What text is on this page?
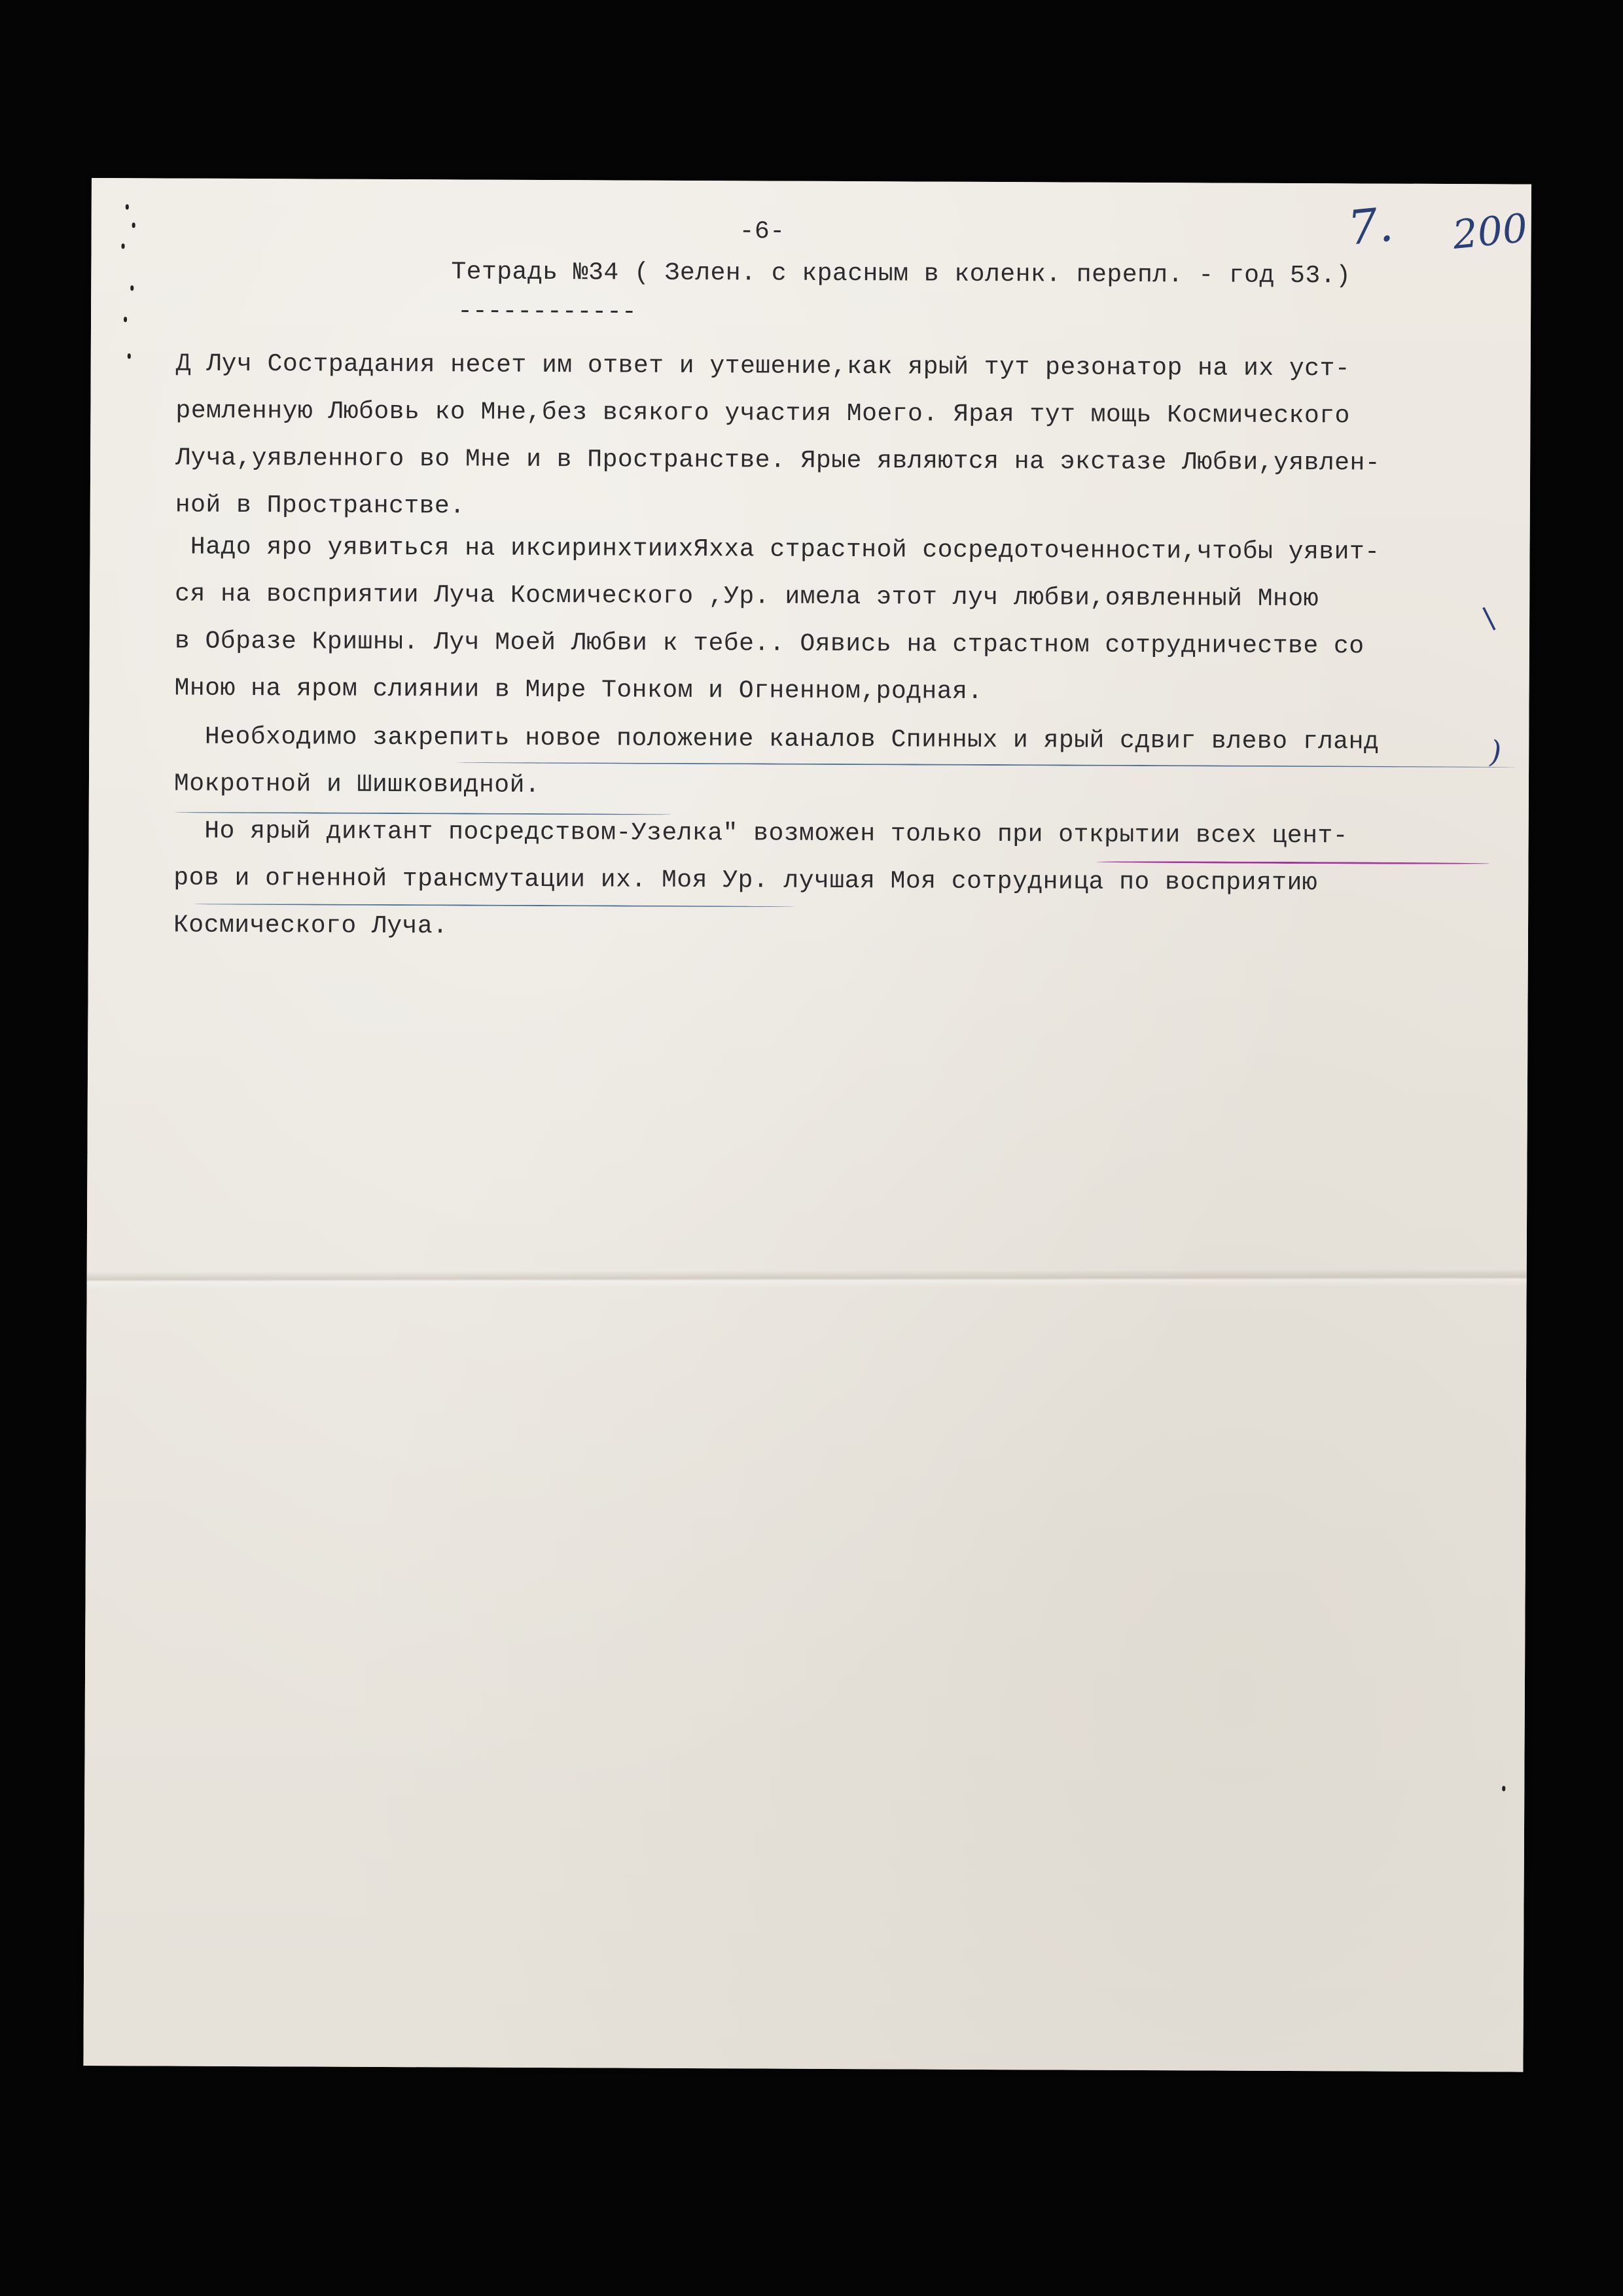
-6-	7. 200
Тетрадь №34 ( Зелен. с красным в коленк. перепл. - год 53.)
------------
Д Луч Сострадания несет им ответ и утешение,как ярый тут резонатор на их уст-
ремленную Любовь ко Мне,без всякого участия Моего. Ярая тут мощь Космического
Луча,уявленного во Мне и в Пространстве. Ярые являются на экстазе Любви,уявлен-
ной в Пространстве.
Надо яро уявиться на иксиринхтиихЯхха страстной сосредоточенности,чтобы уявит-
ся на восприятии Луча Космического ,Ур. имела этот луч любви,оявленный Мною
в Образе Кришны. Луч Моей Любви к тебе.. Оявись на страстном сотрудничестве со
Мною на яром слиянии в Мире Тонком и Огненном,родная.
Необходимо закрепить новое положение каналов Спинных и ярый сдвиг влево гланд
Мокротной и Шишковидной.
Но ярый диктант посредством-Узелка" возможен только при открытии всех цент-
ров и огненной трансмутации их. Моя Ур. лучшая Моя сотрудница по восприятию
Космического Луча.
)
\
